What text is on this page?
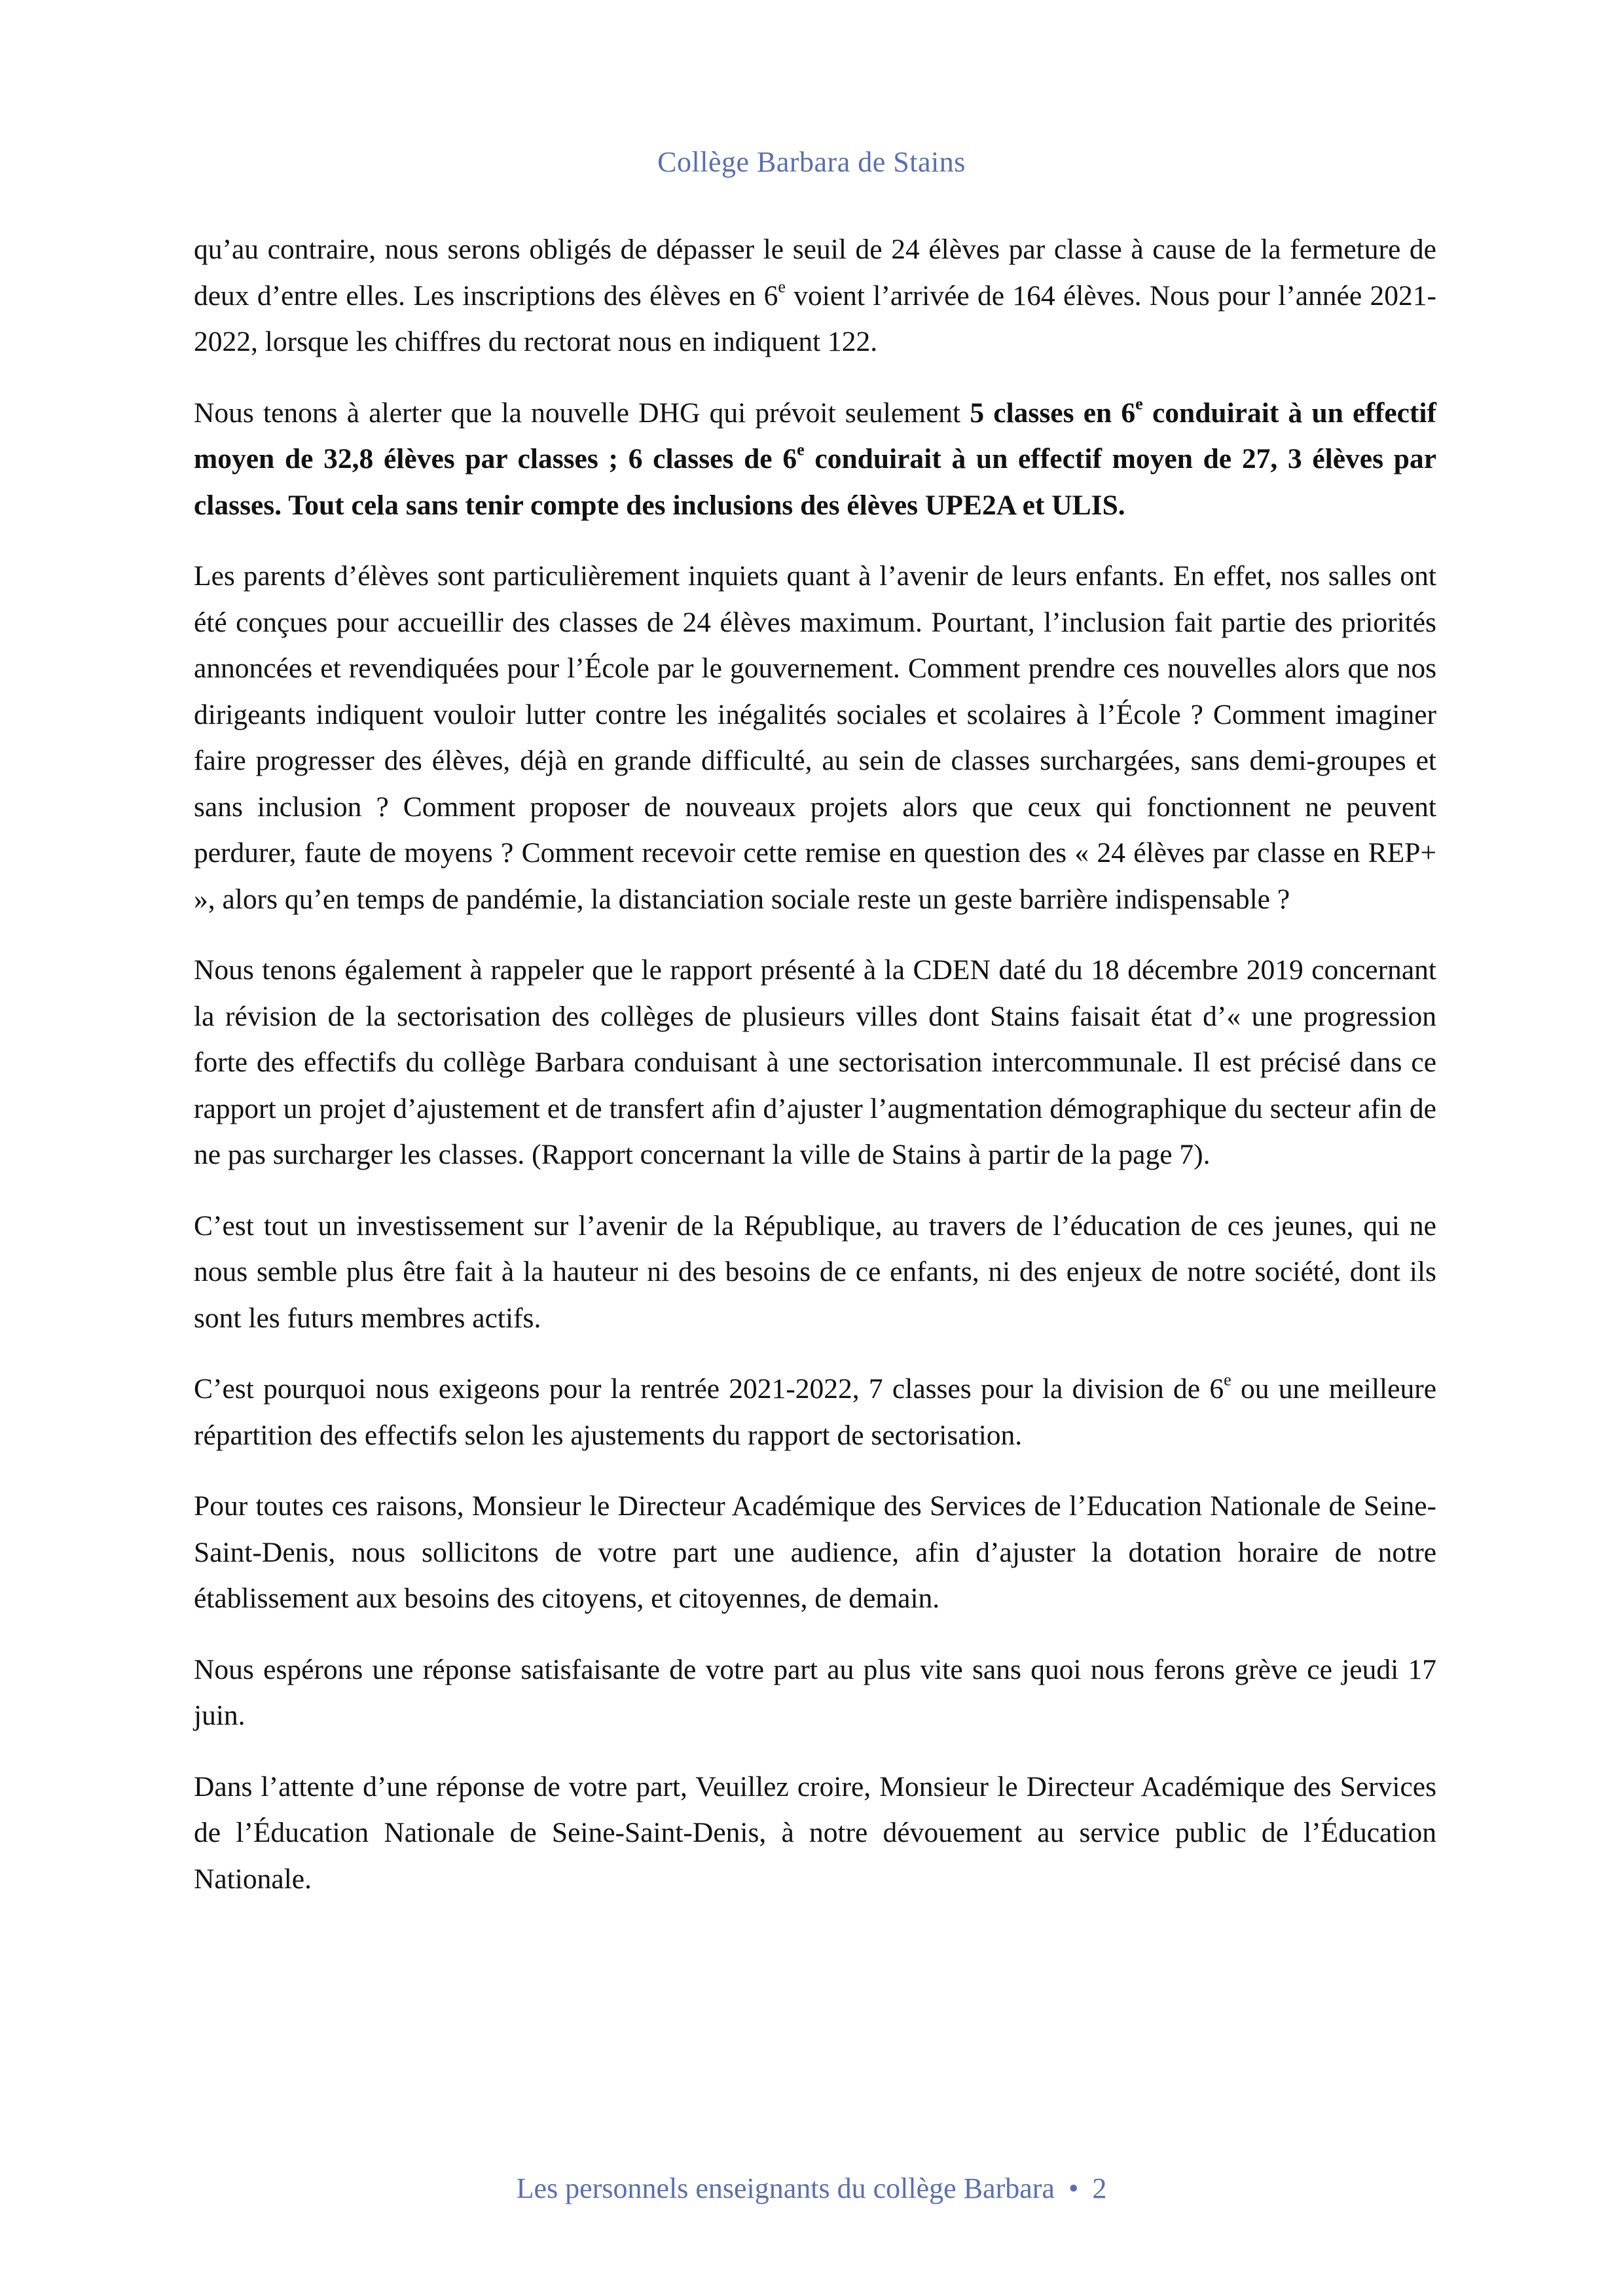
Collège Barbara de Stains

qu’au contraire, nous serons obligés de dépasser le seuil de 24 élèves par classe à cause de la fermeture de deux d’entre elles. Les inscriptions des élèves en 6e voient l’arrivée de 164 élèves. Nous pour l’année 2021-2022, lorsque les chiffres du rectorat nous en indiquent 122.

Nous tenons à alerter que la nouvelle DHG qui prévoit seulement 5 classes en 6e conduirait à un effectif moyen de 32,8 élèves par classes ; 6 classes de 6e conduirait à un effectif moyen de 27, 3 élèves par classes. Tout cela sans tenir compte des inclusions des élèves UPE2A et ULIS.

Les parents d’élèves sont particulièrement inquiets quant à l’avenir de leurs enfants. En effet, nos salles ont été conçues pour accueillir des classes de 24 élèves maximum. Pourtant, l’inclusion fait partie des priorités annoncées et revendiquées pour l’École par le gouvernement. Comment prendre ces nouvelles alors que nos dirigeants indiquent vouloir lutter contre les inégalités sociales et scolaires à l’École ? Comment imaginer faire progresser des élèves, déjà en grande difficulté, au sein de classes surchargées, sans demi-groupes et sans inclusion ? Comment proposer de nouveaux projets alors que ceux qui fonctionnent ne peuvent perdurer, faute de moyens ? Comment recevoir cette remise en question des « 24 élèves par classe en REP+ », alors qu’en temps de pandémie, la distanciation sociale reste un geste barrière indispensable ?

Nous tenons également à rappeler que le rapport présenté à la CDEN daté du 18 décembre 2019 concernant la révision de la sectorisation des collèges de plusieurs villes dont Stains faisait état d’« une progression forte des effectifs du collège Barbara conduisant à une sectorisation intercommunale. Il est précisé dans ce rapport un projet d’ajustement et de transfert afin d’ajuster l’augmentation démographique du secteur afin de ne pas surcharger les classes. (Rapport concernant la ville de Stains à partir de la page 7).

C’est tout un investissement sur l’avenir de la République, au travers de l’éducation de ces jeunes, qui ne nous semble plus être fait à la hauteur ni des besoins de ce enfants, ni des enjeux de notre société, dont ils sont les futurs membres actifs.

C’est pourquoi nous exigeons pour la rentrée 2021-2022, 7 classes pour la division de 6e ou une meilleure répartition des effectifs selon les ajustements du rapport de sectorisation.

Pour toutes ces raisons, Monsieur le Directeur Académique des Services de l’Education Nationale de Seine-Saint-Denis, nous sollicitons de votre part une audience, afin d’ajuster la dotation horaire de notre établissement aux besoins des citoyens, et citoyennes, de demain.

Nous espérons une réponse satisfaisante de votre part au plus vite sans quoi nous ferons grève ce jeudi 17 juin.

Dans l’attente d’une réponse de votre part, Veuillez croire, Monsieur le Directeur Académique des Services de l’Éducation Nationale de Seine-Saint-Denis, à notre dévouement au service public de l’Éducation Nationale.

Les personnels enseignants du collège Barbara • 2
